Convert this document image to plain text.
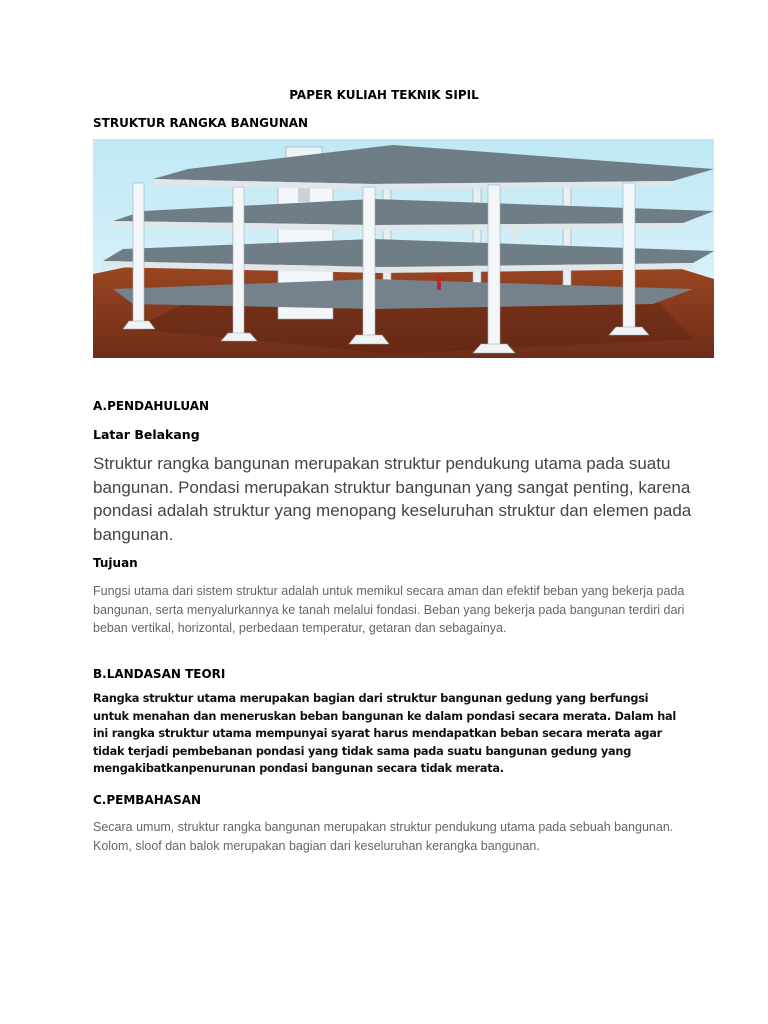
PAPER KULIAH TEKNIK SIPIL
STRUKTUR RANGKA BANGUNAN
A.PENDAHULUAN
Latar Belakang
Struktur rangka bangunan merupakan struktur pendukung utama pada suatu bangunan. Pondasi merupakan struktur bangunan yang sangat penting, karena pondasi adalah struktur yang menopang keseluruhan struktur dan elemen pada bangunan.
Tujuan
Fungsi utama dari sistem struktur adalah untuk memikul secara aman dan efektif beban yang bekerja pada bangunan, serta menyalurkannya ke tanah melalui fondasi. Beban yang bekerja pada bangunan terdiri dari beban vertikal, horizontal, perbedaan temperatur, getaran dan sebagainya.
B.LANDASAN TEORI
Rangka struktur utama merupakan bagian dari struktur bangunan gedung yang berfungsi untuk menahan dan meneruskan beban bangunan ke dalam pondasi secara merata. Dalam hal ini rangka struktur utama mempunyai syarat harus mendapatkan beban secara merata agar tidak terjadi pembebanan pondasi yang tidak sama pada suatu bangunan gedung yang mengakibatkanpenurunan pondasi bangunan secara tidak merata.
C.PEMBAHASAN
Secara umum, struktur rangka bangunan merupakan struktur pendukung utama pada sebuah bangunan. Kolom, sloof dan balok merupakan bagian dari keseluruhan kerangka bangunan.
